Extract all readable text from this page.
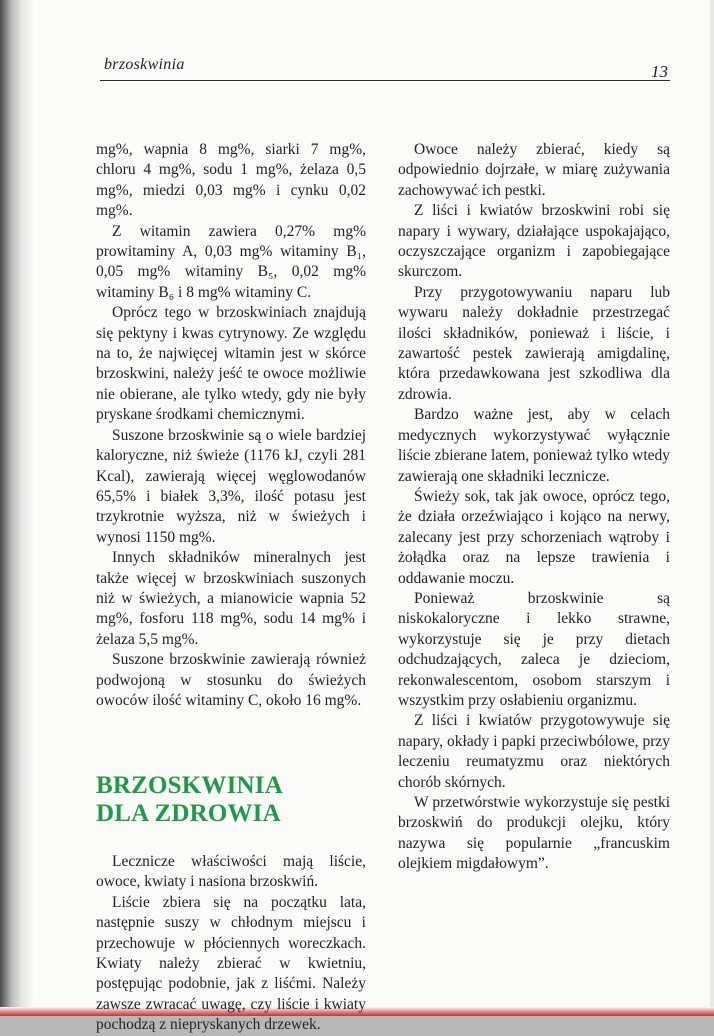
brzoskwinia	13

mg%, wapnia 8 mg%, siarki 7 mg%, chloru 4 mg%, sodu 1 mg%, żelaza 0,5 mg%, miedzi 0,03 mg% i cynku 0,02 mg%.

Z witamin zawiera 0,27% mg% prowitaminy A, 0,03 mg% witaminy B₁, 0,05 mg% witaminy B₅, 0,02 mg% witaminy B₆ i 8 mg% witaminy C.

Oprócz tego w brzoskwiniach znajdują się pektyny i kwas cytrynowy. Ze względu na to, że najwięcej witamin jest w skórce brzoskwini, należy jeść te owoce możliwie nie obierane, ale tylko wtedy, gdy nie były pryskane środkami chemicznymi.

Suszone brzoskwinie są o wiele bardziej kaloryczne, niż świeże (1176 kJ, czyli 281 Kcal), zawierają więcej węglowodanów 65,5% i białek 3,3%, ilość potasu jest trzykrotnie wyższa, niż w świeżych i wynosi 1150 mg%.

Innych składników mineralnych jest także więcej w brzoskwiniach suszonych niż w świeżych, a mianowicie wapnia 52 mg%, fosforu 118 mg%, sodu 14 mg% i żelaza 5,5 mg%.

Suszone brzoskwinie zawierają również podwojoną w stosunku do świeżych owoców ilość witaminy C, około 16 mg%.

BRZOSKWINIA
DLA ZDROWIA

Lecznicze właściwości mają liście, owoce, kwiaty i nasiona brzoskwiń.

Liście zbiera się na początku lata, następnie suszy w chłodnym miejscu i przechowuje w płóciennych woreczkach. Kwiaty należy zbierać w kwietniu, postępując podobnie, jak z liśćmi. Należy zawsze zwracać uwagę, czy liście i kwiaty pochodzą z niepryskanych drzewek.

Owoce należy zbierać, kiedy są odpowiednio dojrzałe, w miarę zużywania zachowywać ich pestki.

Z liści i kwiatów brzoskwini robi się napary i wywary, działające uspokajająco, oczyszczające organizm i zapobiegające skurczom.

Przy przygotowywaniu naparu lub wywaru należy dokładnie przestrzegać ilości składników, ponieważ i liście, i zawartość pestek zawierają amigdalinę, która przedawkowana jest szkodliwa dla zdrowia.

Bardzo ważne jest, aby w celach medycznych wykorzystywać wyłącznie liście zbierane latem, ponieważ tylko wtedy zawierają one składniki lecznicze.

Świeży sok, tak jak owoce, oprócz tego, że działa orzeźwiająco i kojąco na nerwy, zalecany jest przy schorzeniach wątroby i żołądka oraz na lepsze trawienia i oddawanie moczu.

Ponieważ brzoskwinie są niskokaloryczne i lekko strawne, wykorzystuje się je przy dietach odchudzających, zaleca je dzieciom, rekonwalescentom, osobom starszym i wszystkim przy osłabieniu organizmu.

Z liści i kwiatów przygotowywuje się napary, okłady i papki przeciwbólowe, przy leczeniu reumatyzmu oraz niektórych chorób skórnych.

W przetwórstwie wykorzystuje się pestki brzoskwiń do produkcji olejku, który nazywa się popularnie „francuskim olejkiem migdałowym”.
